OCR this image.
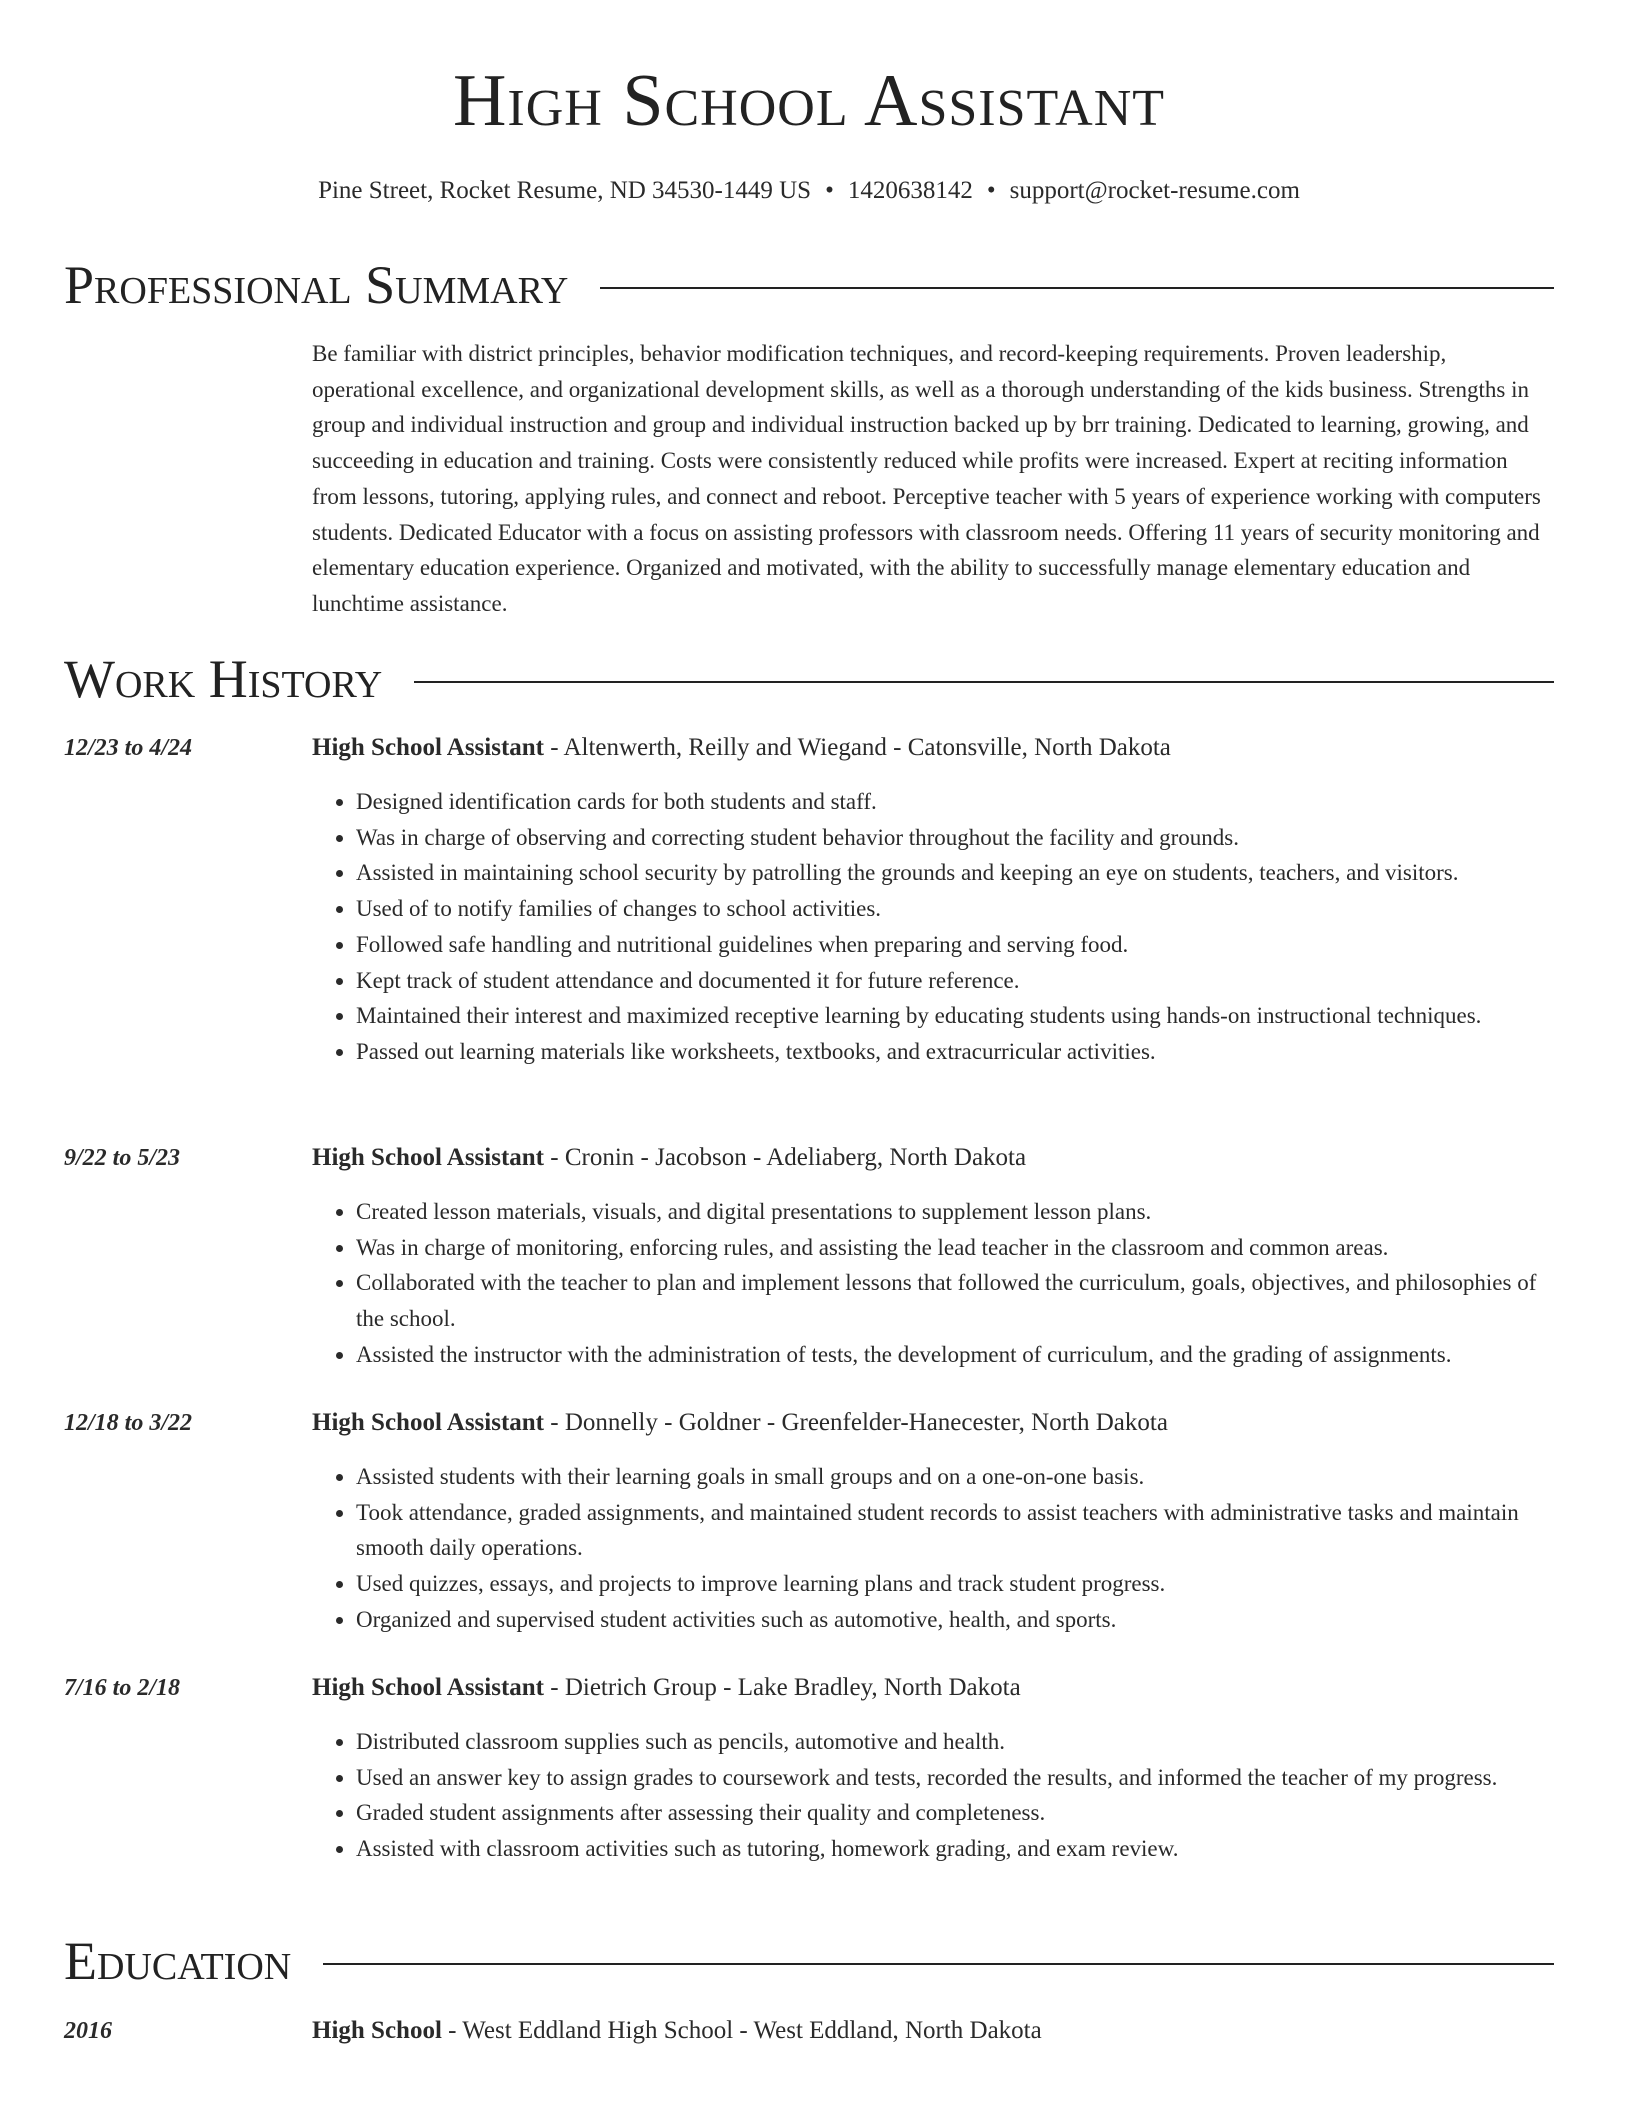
High School Assistant
Pine Street, Rocket Resume, ND 34530-1449 US • 1420638142 • support@rocket-resume.com
Professional Summary

Be familiar with district principles, behavior modification techniques, and record-keeping requirements. Proven leadership, operational excellence, and organizational development skills, as well as a thorough understanding of the kids business. Strengths in group and individual instruction and group and individual instruction backed up by brr training. Dedicated to learning, growing, and succeeding in education and training. Costs were consistently reduced while profits were increased. Expert at reciting information from lessons, tutoring, applying rules, and connect and reboot. Perceptive teacher with 5 years of experience working with computers students. Dedicated Educator with a focus on assisting professors with classroom needs. Offering 11 years of security monitoring and elementary education experience. Organized and motivated, with the ability to successfully manage elementary education and lunchtime assistance.

Work History
12/23 to 4/24	High School Assistant - Altenwerth, Reilly and Wiegand - Catonsville, North Dakota
• Designed identification cards for both students and staff.
• Was in charge of observing and correcting student behavior throughout the facility and grounds.
• Assisted in maintaining school security by patrolling the grounds and keeping an eye on students, teachers, and visitors.
• Used of to notify families of changes to school activities.
• Followed safe handling and nutritional guidelines when preparing and serving food.
• Kept track of student attendance and documented it for future reference.
• Maintained their interest and maximized receptive learning by educating students using hands-on instructional techniques.
• Passed out learning materials like worksheets, textbooks, and extracurricular activities.
9/22 to 5/23	High School Assistant - Cronin - Jacobson - Adeliaberg, North Dakota
• Created lesson materials, visuals, and digital presentations to supplement lesson plans.
• Was in charge of monitoring, enforcing rules, and assisting the lead teacher in the classroom and common areas.
• Collaborated with the teacher to plan and implement lessons that followed the curriculum, goals, objectives, and philosophies of the school.
• Assisted the instructor with the administration of tests, the development of curriculum, and the grading of assignments.
12/18 to 3/22	High School Assistant - Donnelly - Goldner - Greenfelder-Hanecester, North Dakota
• Assisted students with their learning goals in small groups and on a one-on-one basis.
• Took attendance, graded assignments, and maintained student records to assist teachers with administrative tasks and maintain smooth daily operations.
• Used quizzes, essays, and projects to improve learning plans and track student progress.
• Organized and supervised student activities such as automotive, health, and sports.
7/16 to 2/18	High School Assistant - Dietrich Group - Lake Bradley, North Dakota
• Distributed classroom supplies such as pencils, automotive and health.
• Used an answer key to assign grades to coursework and tests, recorded the results, and informed the teacher of my progress.
• Graded student assignments after assessing their quality and completeness.
• Assisted with classroom activities such as tutoring, homework grading, and exam review.
Education
2016	High School - West Eddland High School - West Eddland, North Dakota
